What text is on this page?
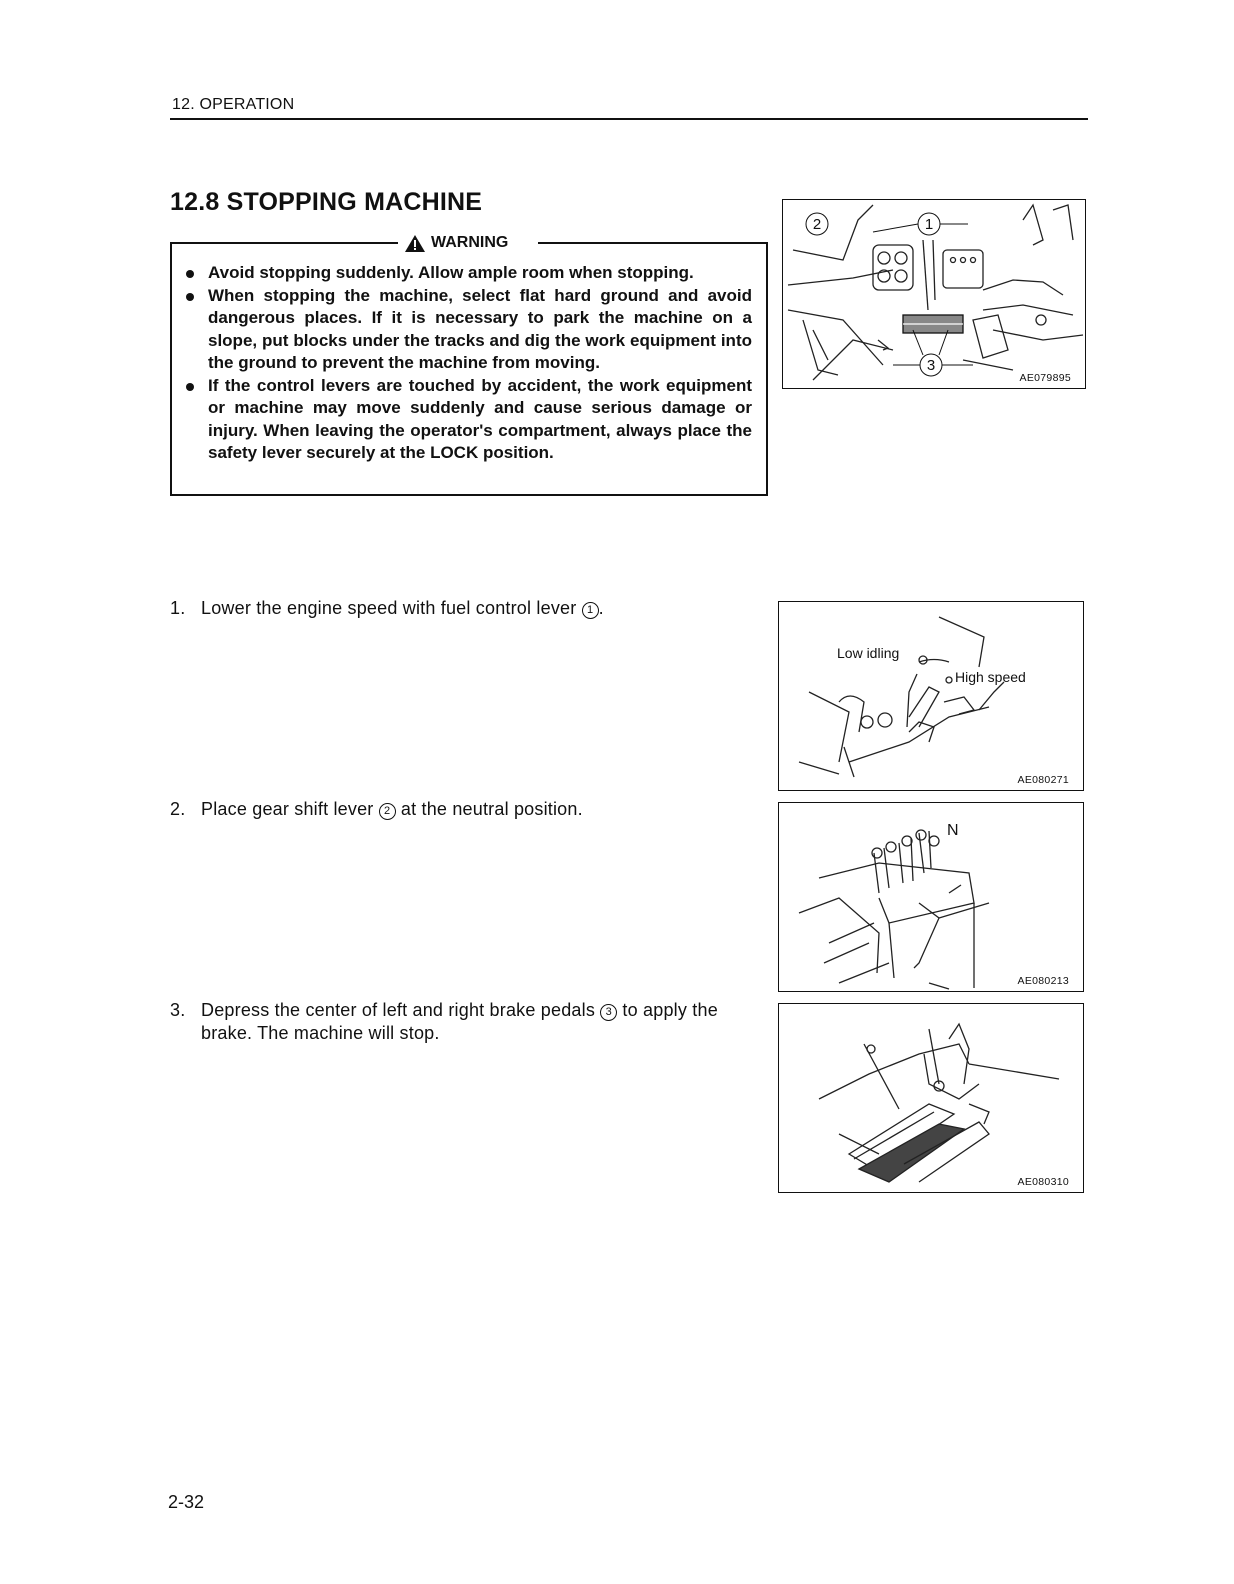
12. OPERATION
12.8 STOPPING MACHINE
WARNING
Avoid stopping suddenly. Allow ample room when stopping.
When stopping the machine, select flat hard ground and avoid dangerous places. If it is necessary to park the machine on a slope, put blocks under the tracks and dig the work equipment into the ground to prevent the machine from moving.
If the control levers are touched by accident, the work equipment or machine may move suddenly and cause serious damage or injury. When leaving the operator's compartment, always place the safety lever securely at the LOCK position.
1
2
3
AE079895
Low idling
High speed
AE080271
N
AE080213
AE080310
1. Lower the engine speed with fuel control lever 1 .
2. Place gear shift lever 2 at the neutral position.
3. Depress the center of left and right brake pedals 3 to apply the brake. The machine will stop.
2-32
